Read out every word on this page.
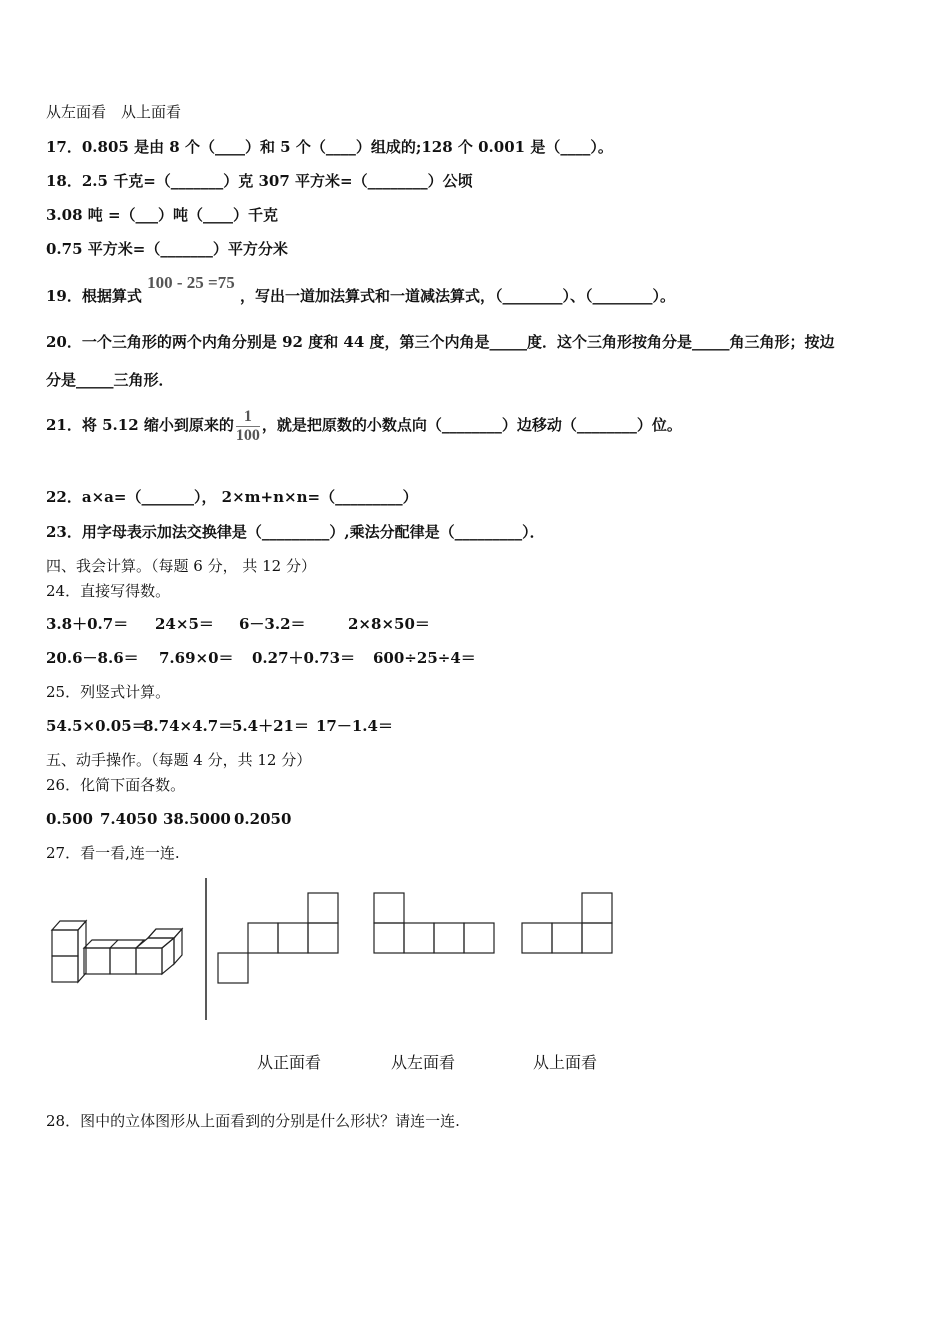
从左面看　从上面看
17．0.805 是由 8 个（____）和 5 个（____）组成的;128 个 0.001 是（____）。
18．2.5 千克=（_______）克 307 平方米=（________）公顷
3.08 吨 =（___）吨（____）千克
0.75 平方米=（_______）平方分米
19．根据算式 100 - 25 =75 ，写出一道加法算式和一道减法算式，（________）、（________）。
20．一个三角形的两个内角分别是 92 度和 44 度，第三个内角是_____度．这个三角形按角分是_____角三角形；按边
分是_____三角形．
21．将 5.12 缩小到原来的 $\frac{1}{100}$ ，就是把原数的小数点向（________）边移动（________）位。
22．a×a=（_______）， 2×m+n×n=（_________）
23．用字母表示加法交换律是（_________）,乘法分配律是（_________）．
四、我会计算。（每题 6 分， 共 12 分）
24．直接写得数。
3.8＋0.7＝ 24×5＝ 6－3.2＝	2×8×50＝
20.6－8.6＝ 7.69×0＝ 0.27＋0.73＝ 600÷25÷4＝
25．列竖式计算。
54.5×0.05＝
8.74×4.7＝
5.4＋21＝ 17－1.4＝
五、动手操作。（每题 4 分，共 12 分）
26．化简下面各数。
0.500 7.4050 38.5000 0.2050
27．看一看,连一连.
从正面看	从左面看	从上面看
28．图中的立体图形从上面看到的分别是什么形状？请连一连.
